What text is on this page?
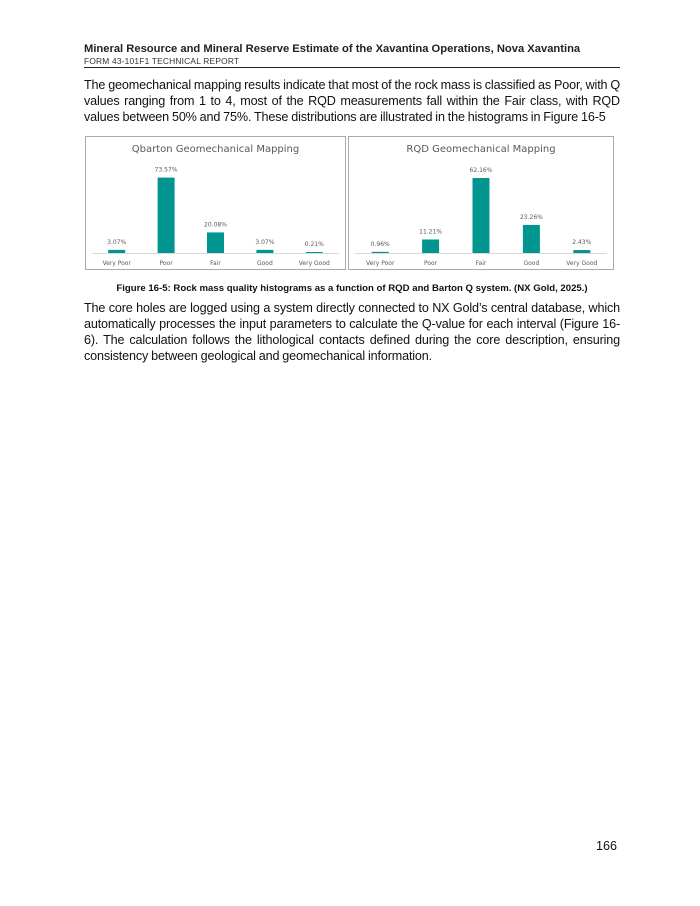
Mineral Resource and Mineral Reserve Estimate of the Xavantina Operations, Nova Xavantina
FORM 43-101F1 TECHNICAL REPORT

The geomechanical mapping results indicate that most of the rock mass is classified as Poor, with Q values ranging from 1 to 4, most of the RQD measurements fall within the Fair class, with RQD values between 50% and 75%. These distributions are illustrated in the histograms in Figure 16-5

Qbarton Geomechanical Mapping
3.07%
Very Poor
73.57%
Poor
20.08%
Fair
3.07%
Good
0.21%
Very Good
RQD Geomechanical Mapping
0.96%
Very Poor
11.21%
Poor
62.16%
Fair
23.26%
Good
2.43%
Very Good
Figure 16-5: Rock mass quality histograms as a function of RQD and Barton Q system. (NX Gold, 2025.)

The core holes are logged using a system directly connected to NX Gold’s central database, which automatically processes the input parameters to calculate the Q-value for each interval (Figure 16-6). The calculation follows the lithological contacts defined during the core description, ensuring consistency between geological and geomechanical information.

166
